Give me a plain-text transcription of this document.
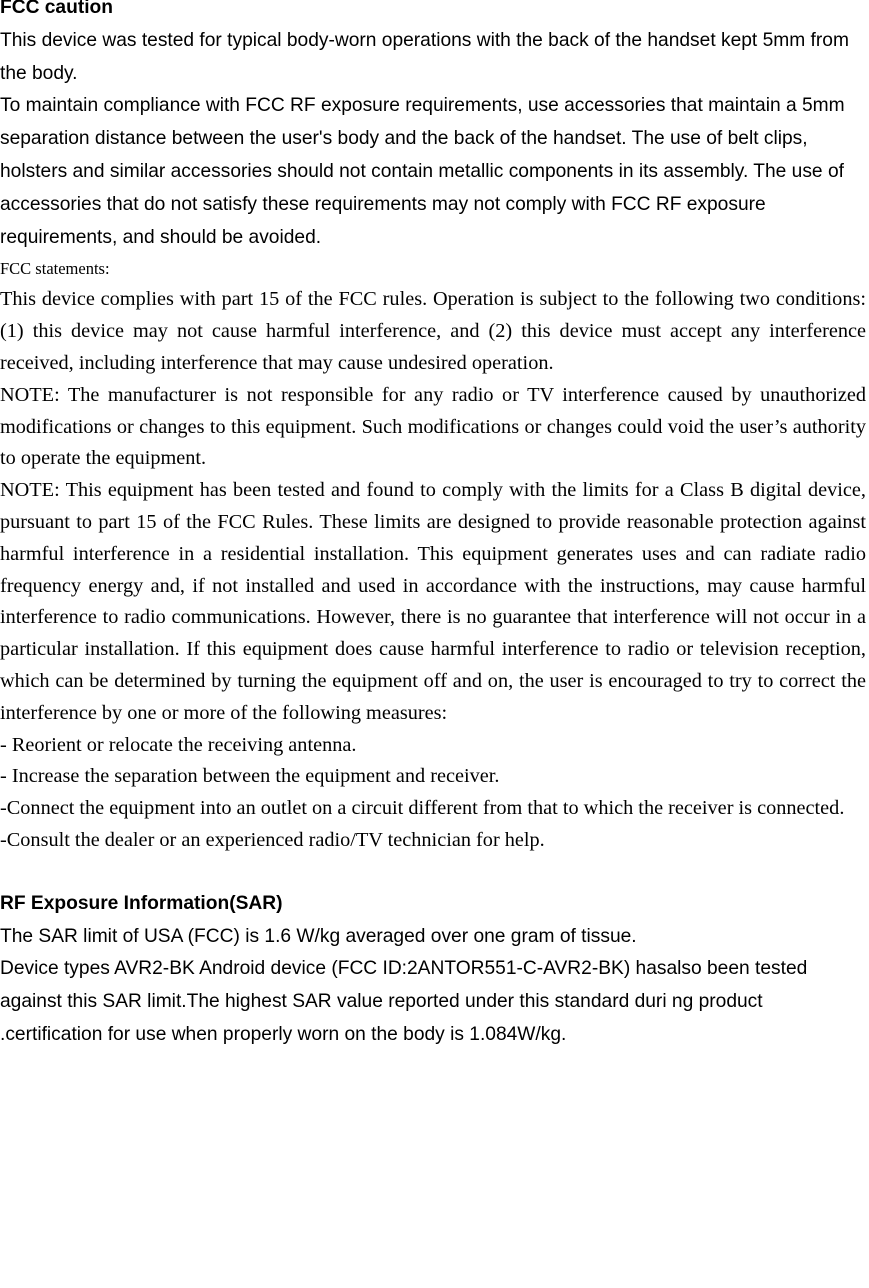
FCC caution

This device was tested for typical body-worn operations with the back of the handset kept 5mm from the body.

To maintain compliance with FCC RF exposure requirements, use accessories that maintain a 5mm separation distance between the user's body and the back of the handset. The use of belt clips, holsters and similar accessories should not contain metallic components in its assembly. The use of accessories that do not satisfy these requirements may not comply with FCC RF exposure requirements, and should be avoided.

FCC statements:

This device complies with part 15 of the FCC rules. Operation is subject to the following two conditions: (1) this device may not cause harmful interference, and (2) this device must accept any interference received, including interference that may cause undesired operation.

NOTE: The manufacturer is not responsible for any radio or TV interference caused by unauthorized modifications or changes to this equipment. Such modifications or changes could void the user’s authority to operate the equipment.

NOTE: This equipment has been tested and found to comply with the limits for a Class B digital device, pursuant to part 15 of the FCC Rules. These limits are designed to provide reasonable protection against harmful interference in a residential installation. This equipment generates uses and can radiate radio frequency energy and, if not installed and used in accordance with the instructions, may cause harmful interference to radio communications. However, there is no guarantee that interference will not occur in a particular installation. If this equipment does cause harmful interference to radio or television reception, which can be determined by turning the equipment off and on, the user is encouraged to try to correct the interference by one or more of the following measures:

- Reorient or relocate the receiving antenna.

- Increase the separation between the equipment and receiver.

-Connect the equipment into an outlet on a circuit different from that to which the receiver is connected.

-Consult the dealer or an experienced radio/TV technician for help.

RF Exposure Information(SAR)

The SAR limit of USA (FCC) is 1.6 W/kg averaged over one gram of tissue.

Device types AVR2-BK Android device (FCC ID:2ANTOR551-C-AVR2-BK) hasalso been tested against this SAR limit.The highest SAR value reported under this standard duri ng product .certification for use when properly worn on the body is 1.084W/kg.
